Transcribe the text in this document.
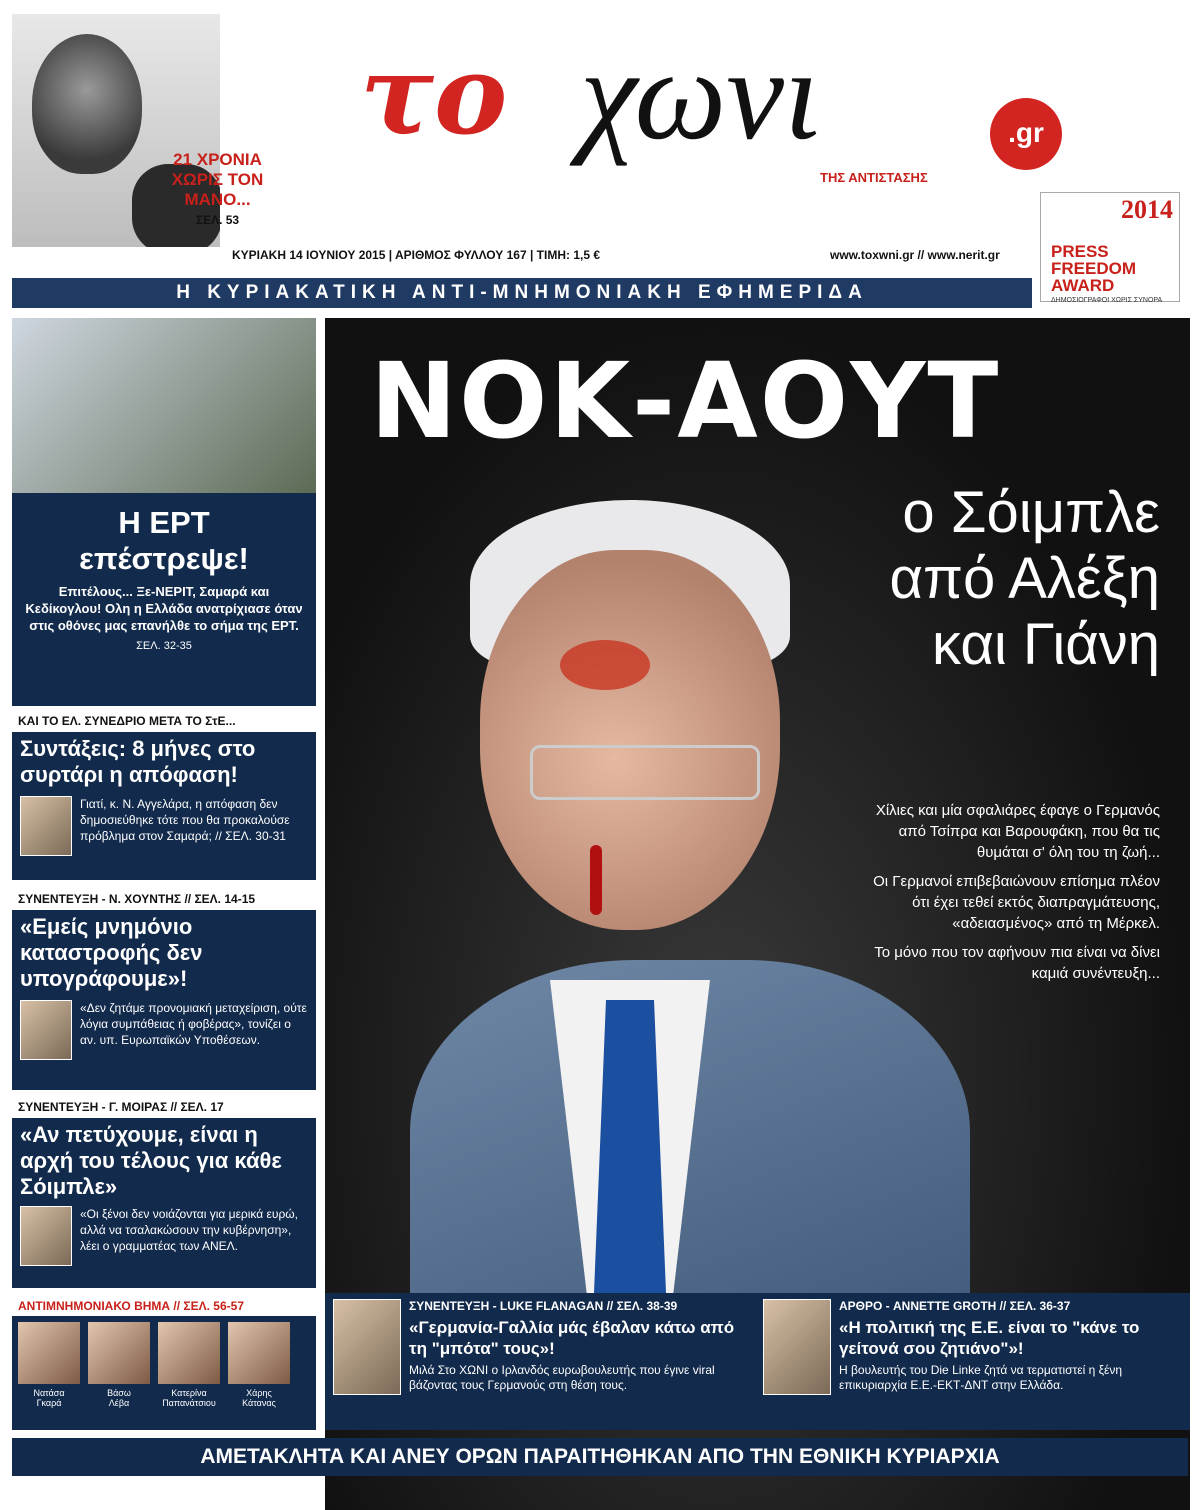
21 ΧΡΟΝΙΑ
ΧΩΡΙΣ ΤΟΝ
ΜΑΝΟ...
ΣΕΛ. 53
το χωνι	.gr
ΤΗΣ ΑΝΤΙΣΤΑΣΗΣ
ΚΥΡΙΑΚΗ 14 ΙΟΥΝΙΟΥ 2015 | ΑΡΙΘΜΟΣ ΦΥΛΛΟΥ 167 | ΤΙΜΗ: 1,5 €	www.toxwni.gr // www.nerit.gr
2014
PRESS
FREEDOM
AWARD
ΔΗΜΟΣΙΟΓΡΑΦΟΙ ΧΩΡΙΣ ΣΥΝΟΡΑ
Η ΚΥΡΙΑΚΑΤΙΚΗ ΑΝΤΙ-ΜΝΗΜΟΝΙΑΚΗ ΕΦΗΜΕΡΙΔΑ
Η ΕΡΤ
επέστρεψε!
Επιτέλους... Ξε-ΝΕΡΙΤ, Σαμαρά και Κεδίκογλου! Ολη η Ελλάδα ανατρίχιασε όταν στις οθόνες μας επανήλθε το σήμα της ΕΡΤ.
ΣΕΛ. 32-35
ΚΑΙ ΤΟ ΕΛ. ΣΥΝΕΔΡΙΟ ΜΕΤΑ ΤΟ ΣτΕ...
Συντάξεις: 8 μήνες στο συρτάρι η απόφαση!
Γιατί, κ. Ν. Αγγελάρα, η απόφαση δεν δημοσιεύθηκε τότε που θα προκαλούσε πρόβλημα στον Σαμαρά; // ΣΕΛ. 30-31
ΣΥΝΕΝΤΕΥΞΗ - Ν. ΧΟΥΝΤΗΣ // ΣΕΛ. 14-15
«Εμείς μνημόνιο καταστροφής δεν υπογράφουμε»!
«Δεν ζητάμε προνομιακή μεταχείριση, ούτε λόγια συμπάθειας ή φοβέρας», τονίζει ο αν. υπ. Ευρωπαϊκών Υποθέσεων.
ΣΥΝΕΝΤΕΥΞΗ - Γ. ΜΟΙΡΑΣ // ΣΕΛ. 17
«Αν πετύχουμε, είναι η αρχή του τέλους για κάθε Σόιμπλε»
«Οι ξένοι δεν νοιάζονται για μερικά ευρώ, αλλά να τσαλακώσουν την κυβέρνηση», λέει ο γραμματέας των ΑΝΕΛ.
ΑΝΤΙΜΝΗΜΟΝΙΑΚΟ ΒΗΜΑ // ΣΕΛ. 56-57
Νατάσα
Γκαρά
Βάσω
Λέβα
Κατερίνα
Παπανάτσιου
Χάρης
Κάτανας
ΝΟΚ-ΑΟΥΤ
ο Σόιμπλε
από Αλέξη
και Γιάνη

Χίλιες και μία σφαλιάρες έφαγε ο Γερμανός από Τσίπρα και Βαρουφάκη, που θα τις θυμάται σ' όλη του τη ζωή...

Οι Γερμανοί επιβεβαιώνουν επίσημα πλέον ότι έχει τεθεί εκτός διαπραγμάτευσης, «αδειασμένος» από τη Μέρκελ.

Το μόνο που τον αφήνουν πια είναι να δίνει καμιά συνέντευξη...

ΣΥΝΕΝΤΕΥΞΗ - LUKE FLANAGAN // ΣΕΛ. 38-39
«Γερμανία-Γαλλία μάς έβαλαν κάτω από τη "μπότα" τους»!
Μιλά Στο ΧΩΝΙ ο Ιρλανδός ευρωβουλευτής που έγινε viral βάζοντας τους Γερμανούς στη θέση τους.
ΑΡΘΡΟ - ANNETTE GROTH // ΣΕΛ. 36-37
«Η πολιτική της Ε.Ε. είναι το "κάνε το γείτονά σου ζητιάνο"»!
Η βουλευτής του Die Linke ζητά να τερματιστεί η ξένη επικυριαρχία Ε.Ε.-ΕΚΤ-ΔΝΤ στην Ελλάδα.
ΑΜΕΤΑΚΛΗΤΑ ΚΑΙ ΑΝΕΥ ΟΡΩΝ ΠΑΡΑΙΤΗΘΗΚΑΝ ΑΠΟ ΤΗΝ ΕΘΝΙΚΗ ΚΥΡΙΑΡΧΙΑ
